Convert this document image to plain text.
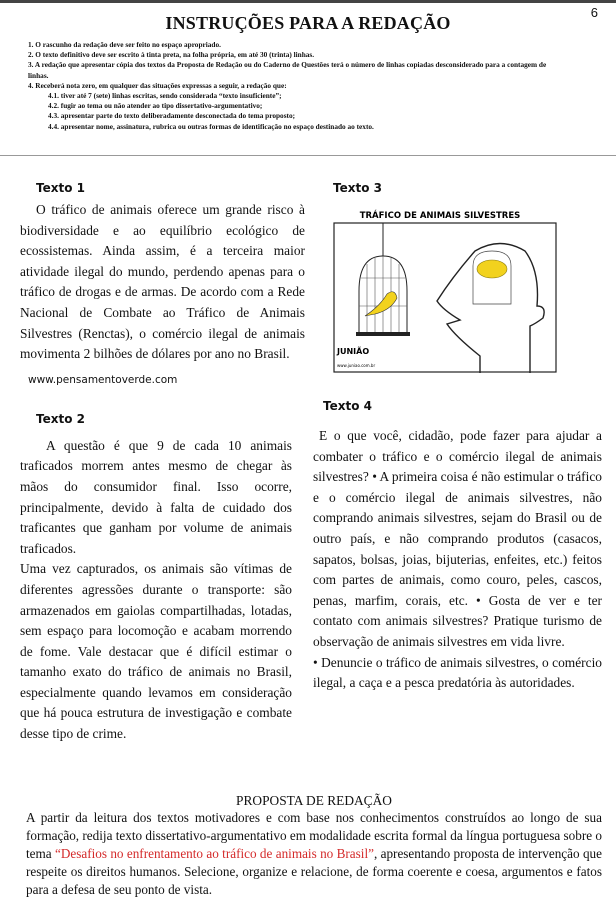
6
INSTRUÇÕES PARA A REDAÇÃO
1. O rascunho da redação deve ser feito no espaço apropriado.
2. O texto definitivo deve ser escrito à tinta preta, na folha própria, em até 30 (trinta) linhas.
3. A redação que apresentar cópia dos textos da Proposta de Redação ou do Caderno de Questões terá o número de linhas copiadas desconsiderado para a contagem de linhas.
4. Receberá nota zero, em qualquer das situações expressas a seguir, a redação que:
4.1. tiver até 7 (sete) linhas escritas, sendo considerada “texto insuficiente”;
4.2. fugir ao tema ou não atender ao tipo dissertativo-argumentativo;
4.3. apresentar parte do texto deliberadamente desconectada do tema proposto;
4.4. apresentar nome, assinatura, rubrica ou outras formas de identificação no espaço destinado ao texto.
Texto 1

O tráfico de animais oferece um grande risco à biodiversidade e ao equilíbrio ecológico de ecossistemas. Ainda assim, é a terceira maior atividade ilegal do mundo, perdendo apenas para o tráfico de drogas e de armas. De acordo com a Rede Nacional de Combate ao Tráfico de Animais Silvestres (Renctas), o comércio ilegal de animais movimenta 2 bilhões de dólares por ano no Brasil.

www.pensamentoverde.com
Texto 2

A questão é que 9 de cada 10 animais traficados morrem antes mesmo de chegar às mãos do consumidor final. Isso ocorre, principalmente, devido à falta de cuidado dos traficantes que ganham por volume de animais traficados.

Uma vez capturados, os animais são vítimas de diferentes agressões durante o transporte: são armazenados em gaiolas compartilhadas, lotadas, sem espaço para locomoção e acabam morrendo de fome. Vale destacar que é difícil estimar o tamanho exato do tráfico de animais no Brasil, especialmente quando levamos em consideração que há pouca estrutura de investigação e combate desse tipo de crime.

Texto 3
TRÁFICO DE ANIMAIS SILVESTRES
JUNIÃO
www.juniao.com.br
Texto 4

E o que você, cidadão, pode fazer para ajudar a combater o tráfico e o comércio ilegal de animais silvestres? • A primeira coisa é não estimular o tráfico e o comércio ilegal de animais silvestres, não comprando animais silvestres, sejam do Brasil ou de outro país, e não comprando produtos (casacos, sapatos, bolsas, joias, bijuterias, enfeites, etc.) feitos com partes de animais, como couro, peles, cascos, penas, marfim, corais, etc. • Gosta de ver e ter contato com animais silvestres? Pratique turismo de observação de animais silvestres em vida livre.

• Denuncie o tráfico de animais silvestres, o comércio ilegal, a caça e a pesca predatória às autoridades.

PROPOSTA DE REDAÇÃO
A partir da leitura dos textos motivadores e com base nos conhecimentos construídos ao longo de sua formação, redija texto dissertativo-argumentativo em modalidade escrita formal da língua portuguesa sobre o tema “Desafios no enfrentamento ao tráfico de animais no Brasil”, apresentando proposta de intervenção que respeite os direitos humanos. Selecione, organize e relacione, de forma coerente e coesa, argumentos e fatos para a defesa de seu ponto de vista.
